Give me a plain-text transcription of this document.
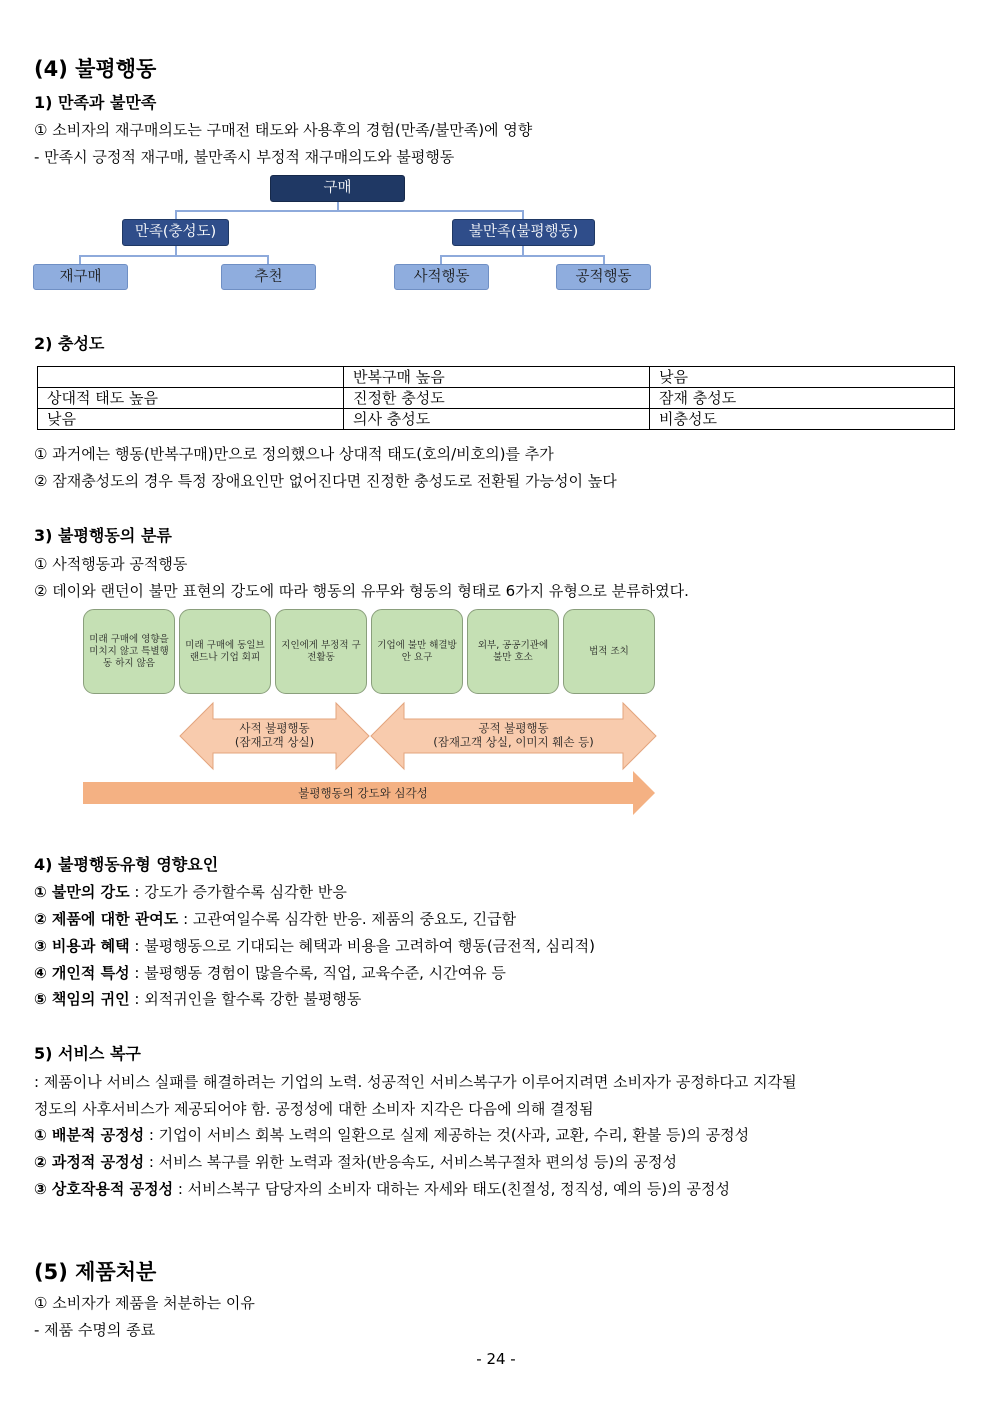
(4) 불평행동
1) 만족과 불만족
① 소비자의 재구매의도는 구매전 태도와 사용후의 경험(만족/불만족)에 영향
- 만족시 긍정적 재구매, 불만족시 부정적 재구매의도와 불평행동
구매
만족(충성도)	불만족(불평행동)
재구매	추천	사적행동	공적행동
2) 충성도
	반복구매 높음	낮음
상대적 태도 높음	진정한 충성도	잠재 충성도
낮음	의사 충성도	비충성도
① 과거에는 행동(반복구매)만으로 정의했으나 상대적 태도(호의/비호의)를 추가
② 잠재충성도의 경우 특정 장애요인만 없어진다면 진정한 충성도로 전환될 가능성이 높다
3) 불평행동의 분류
① 사적행동과 공적행동
② 데이와 랜던이 불만 표현의 강도에 따라 행동의 유무와 형동의 형태로 6가지 유형으로 분류하였다.
미래 구매에 영향을 미치지 않고 특별행동 하지 않음
미래 구매에 동일브랜드나 기업 회피
지인에게 부정적 구전활동
기업에 불만 해결방안 요구
외부, 공공기관에 불만 호소
법적 조치
사적 불평행동
(잠재고객 상실)
공적 불평행동
(잠재고객 상실, 이미지 훼손 등)
불평행동의 강도와 심각성
4) 불평행동유형 영향요인
① 불만의 강도 : 강도가 증가할수록 심각한 반응
② 제품에 대한 관여도 : 고관여일수록 심각한 반응. 제품의 중요도, 긴급함
③ 비용과 혜택 : 불평행동으로 기대되는 혜택과 비용을 고려하여 행동(금전적, 심리적)
④ 개인적 특성 : 불평행동 경험이 많을수록, 직업, 교육수준, 시간여유 등
⑤ 책임의 귀인 : 외적귀인을 할수록 강한 불평행동
5) 서비스 복구
: 제품이나 서비스 실패를 해결하려는 기업의 노력. 성공적인 서비스복구가 이루어지려면 소비자가 공정하다고 지각될
정도의 사후서비스가 제공되어야 함. 공정성에 대한 소비자 지각은 다음에 의해 결정됨
① 배분적 공정성 : 기업이 서비스 회복 노력의 일환으로 실제 제공하는 것(사과, 교환, 수리, 환불 등)의 공정성
② 과정적 공정성 : 서비스 복구를 위한 노력과 절차(반응속도, 서비스복구절차 편의성 등)의 공정성
③ 상호작용적 공정성 : 서비스복구 담당자의 소비자 대하는 자세와 태도(친절성, 정직성, 예의 등)의 공정성
(5) 제품처분
① 소비자가 제품을 처분하는 이유
- 제품 수명의 종료
- 24 -
